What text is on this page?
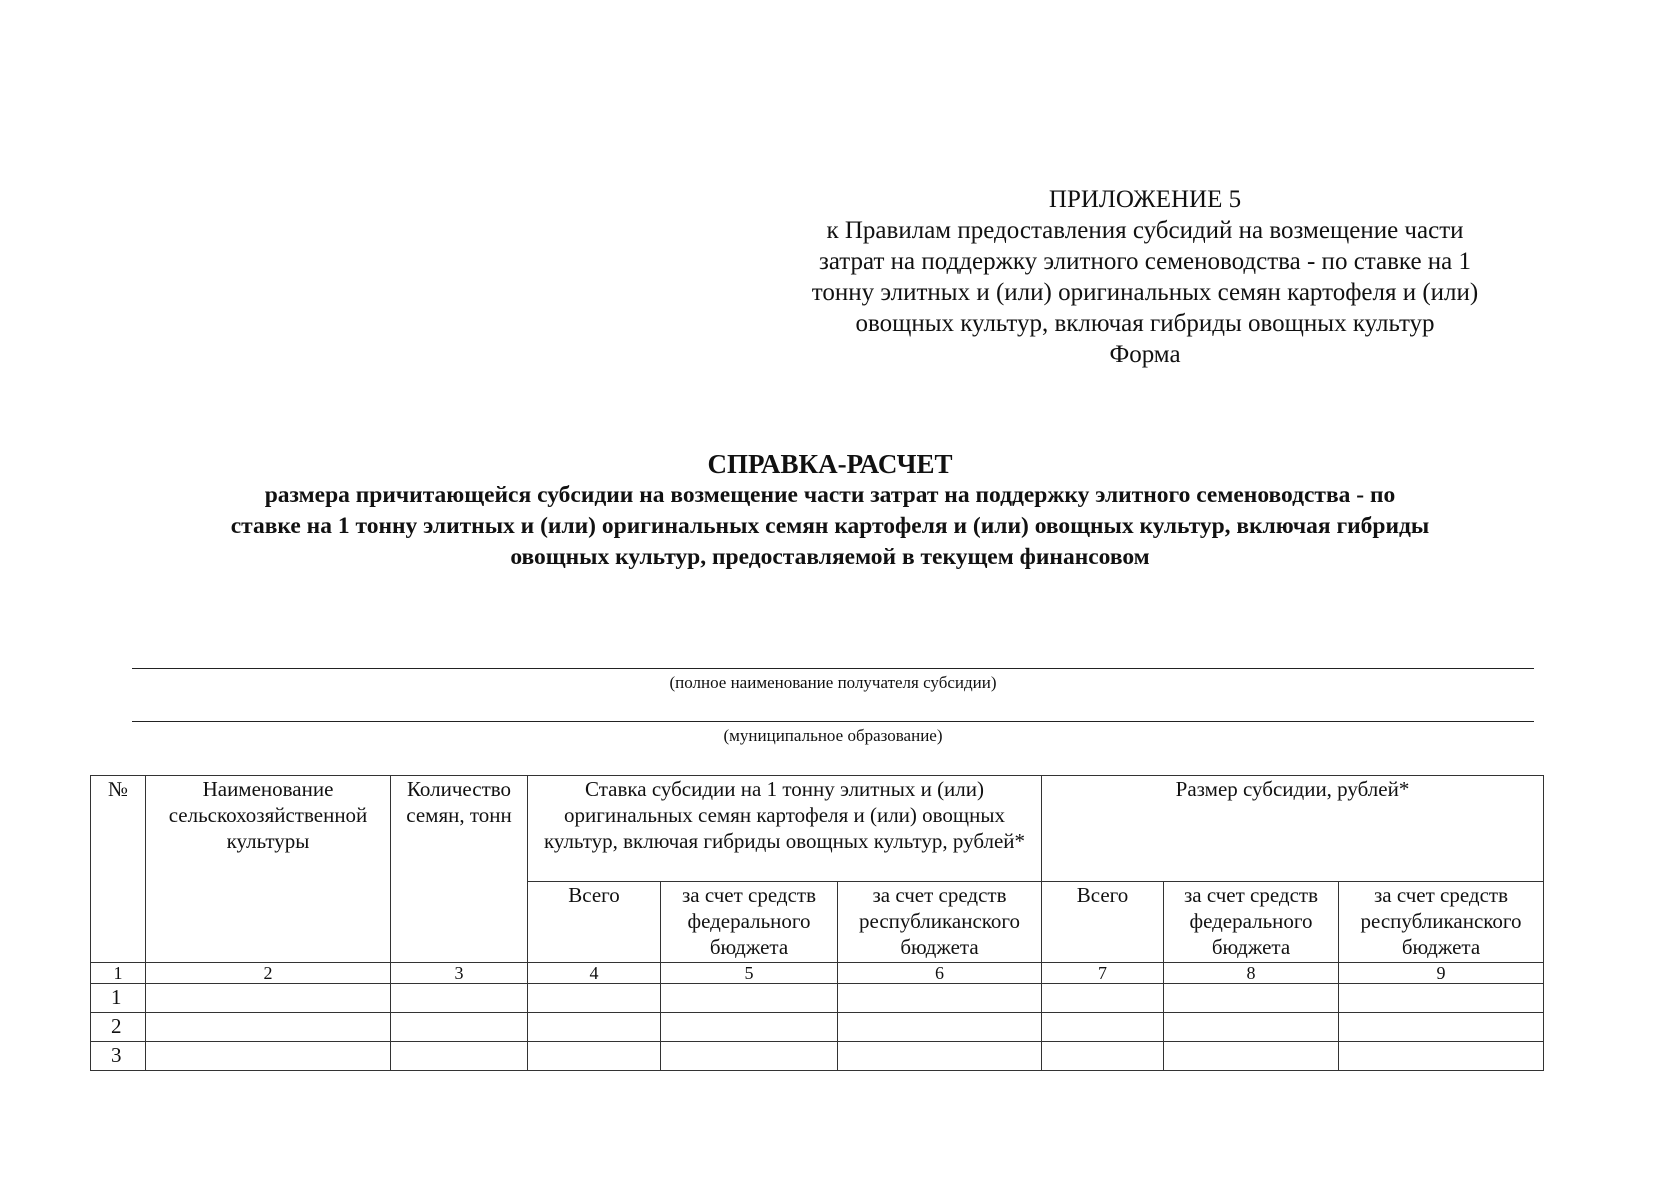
ПРИЛОЖЕНИЕ 5
к Правилам предоставления субсидий на возмещение части
затрат на поддержку элитного семеноводства - по ставке на 1
тонну элитных и (или) оригинальных семян картофеля и (или)
овощных культур, включая гибриды овощных культур
Форма
СПРАВКА-РАСЧЕТ
размера причитающейся субсидии на возмещение части затрат на поддержку элитного семеноводства - по
ставке на 1 тонну элитных и (или) оригинальных семян картофеля и (или) овощных культур, включая гибриды
овощных культур, предоставляемой в текущем финансовом
(полное наименование получателя субсидии)
(муниципальное образование)
№	Наименование сельскохозяйственной культуры	Количество семян, тонн	Ставка субсидии на 1 тонну элитных и (или) оригинальных семян картофеля и (или) овощных культур, включая гибриды овощных культур, рублей*			Размер субсидии, рублей*		
			Всего	за счет средств федерального бюджета	за счет средств республиканского бюджета	Всего	за счет средств федерального бюджета	за счет средств республиканского бюджета
1	2	3	4	5	6	7	8	9
1								
2								
3								
